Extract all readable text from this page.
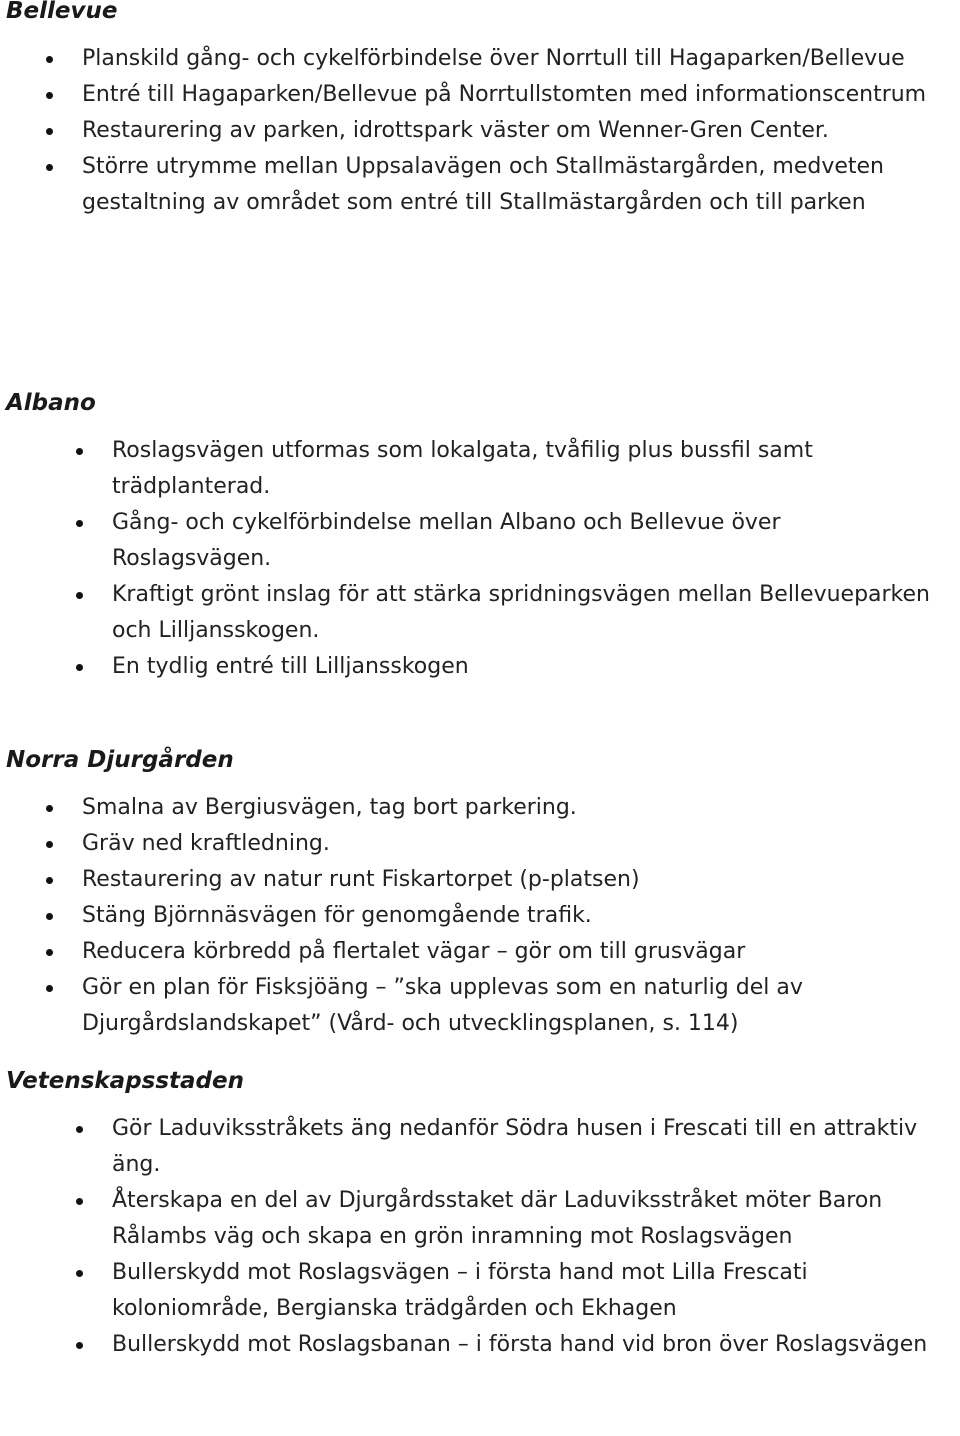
Bellevue
Planskild gång- och cykelförbindelse över Norrtull till Hagaparken/Bellevue
Entré till Hagaparken/Bellevue på Norrtullstomten med informationscentrum
Restaurering av parken, idrottspark väster om Wenner-Gren Center.
Större utrymme mellan Uppsalavägen och Stallmästargården, medveten gestaltning av området som entré till Stallmästargården och till parken
Albano
Roslagsvägen utformas som lokalgata, tvåfilig plus bussfil samt trädplanterad.
Gång- och cykelförbindelse mellan Albano och Bellevue över Roslagsvägen.
Kraftigt grönt inslag för att stärka spridningsvägen mellan Bellevueparken och Lilljansskogen.
En tydlig entré till Lilljansskogen
Norra Djurgården
Smalna av Bergiusvägen, tag bort parkering.
Gräv ned kraftledning.
Restaurering av natur runt Fiskartorpet (p-platsen)
Stäng Björnnäsvägen för genomgående trafik.
Reducera körbredd på flertalet vägar – gör om till grusvägar
Gör en plan för Fisksjöäng – ”ska upplevas som en naturlig del av Djurgårdslandskapet” (Vård- och utvecklingsplanen, s. 114)
Vetenskapsstaden
Gör Laduviksstråkets äng nedanför Södra husen i Frescati till en attraktiv äng.
Återskapa en del av Djurgårdsstaket där Laduviksstråket möter Baron Rålambs väg och skapa en grön inramning mot Roslagsvägen
Bullerskydd mot Roslagsvägen – i första hand mot Lilla Frescati koloniområde, Bergianska trädgården och Ekhagen
Bullerskydd mot Roslagsbanan – i första hand vid bron över Roslagsvägen
